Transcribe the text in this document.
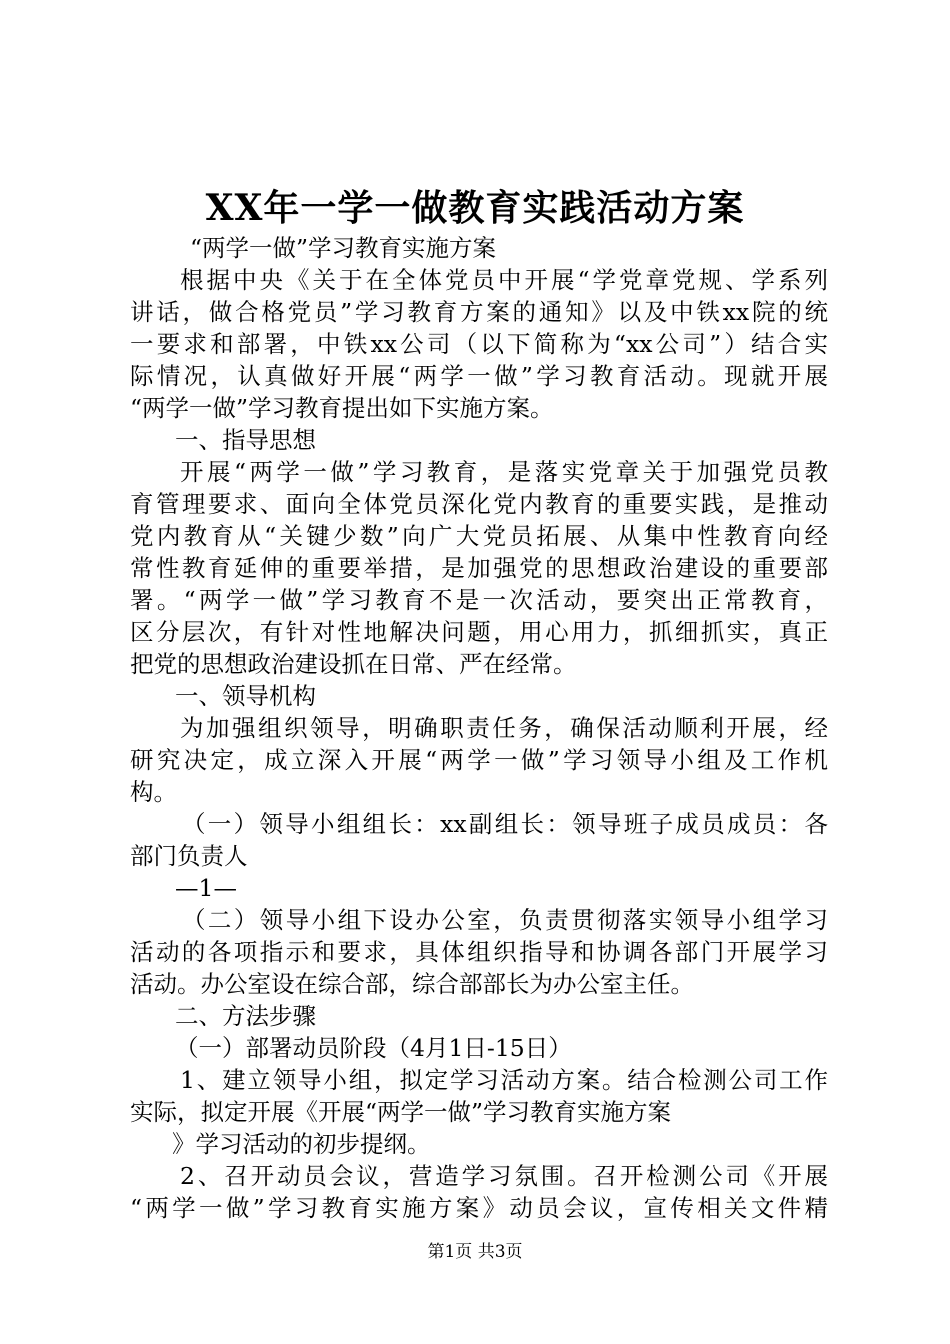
XX年一学一做教育实践活动方案
“两学一做”学习教育实施方案
根据中央《关于在全体党员中开展“学党章党规、学系列
讲话，做合格党员”学习教育方案的通知》以及中铁xx院的统
一要求和部署，中铁xx公司（以下简称为“xx公司”）结合实
际情况，认真做好开展“两学一做”学习教育活动。现就开展
“两学一做”学习教育提出如下实施方案。
一、指导思想
开展“两学一做”学习教育，是落实党章关于加强党员教
育管理要求、面向全体党员深化党内教育的重要实践，是推动
党内教育从“关键少数”向广大党员拓展、从集中性教育向经
常性教育延伸的重要举措，是加强党的思想政治建设的重要部
署。“两学一做”学习教育不是一次活动，要突出正常教育，
区分层次，有针对性地解决问题，用心用力，抓细抓实，真正
把党的思想政治建设抓在日常、严在经常。
一、领导机构
为加强组织领导，明确职责任务，确保活动顺利开展，经
研究决定，成立深入开展“两学一做”学习领导小组及工作机
构。
（一）领导小组组长：xx副组长：领导班子成员成员：各
部门负责人
—1—
（二）领导小组下设办公室，负责贯彻落实领导小组学习
活动的各项指示和要求，具体组织指导和协调各部门开展学习
活动。办公室设在综合部，综合部部长为办公室主任。
二、方法步骤
（一）部署动员阶段（4月1日-15日）
1、建立领导小组，拟定学习活动方案。结合检测公司工作
实际，拟定开展《开展“两学一做”学习教育实施方案
》学习活动的初步提纲。
2、召开动员会议，营造学习氛围。召开检测公司《开展
“两学一做”学习教育实施方案》动员会议，宣传相关文件精
第1页 共3页
